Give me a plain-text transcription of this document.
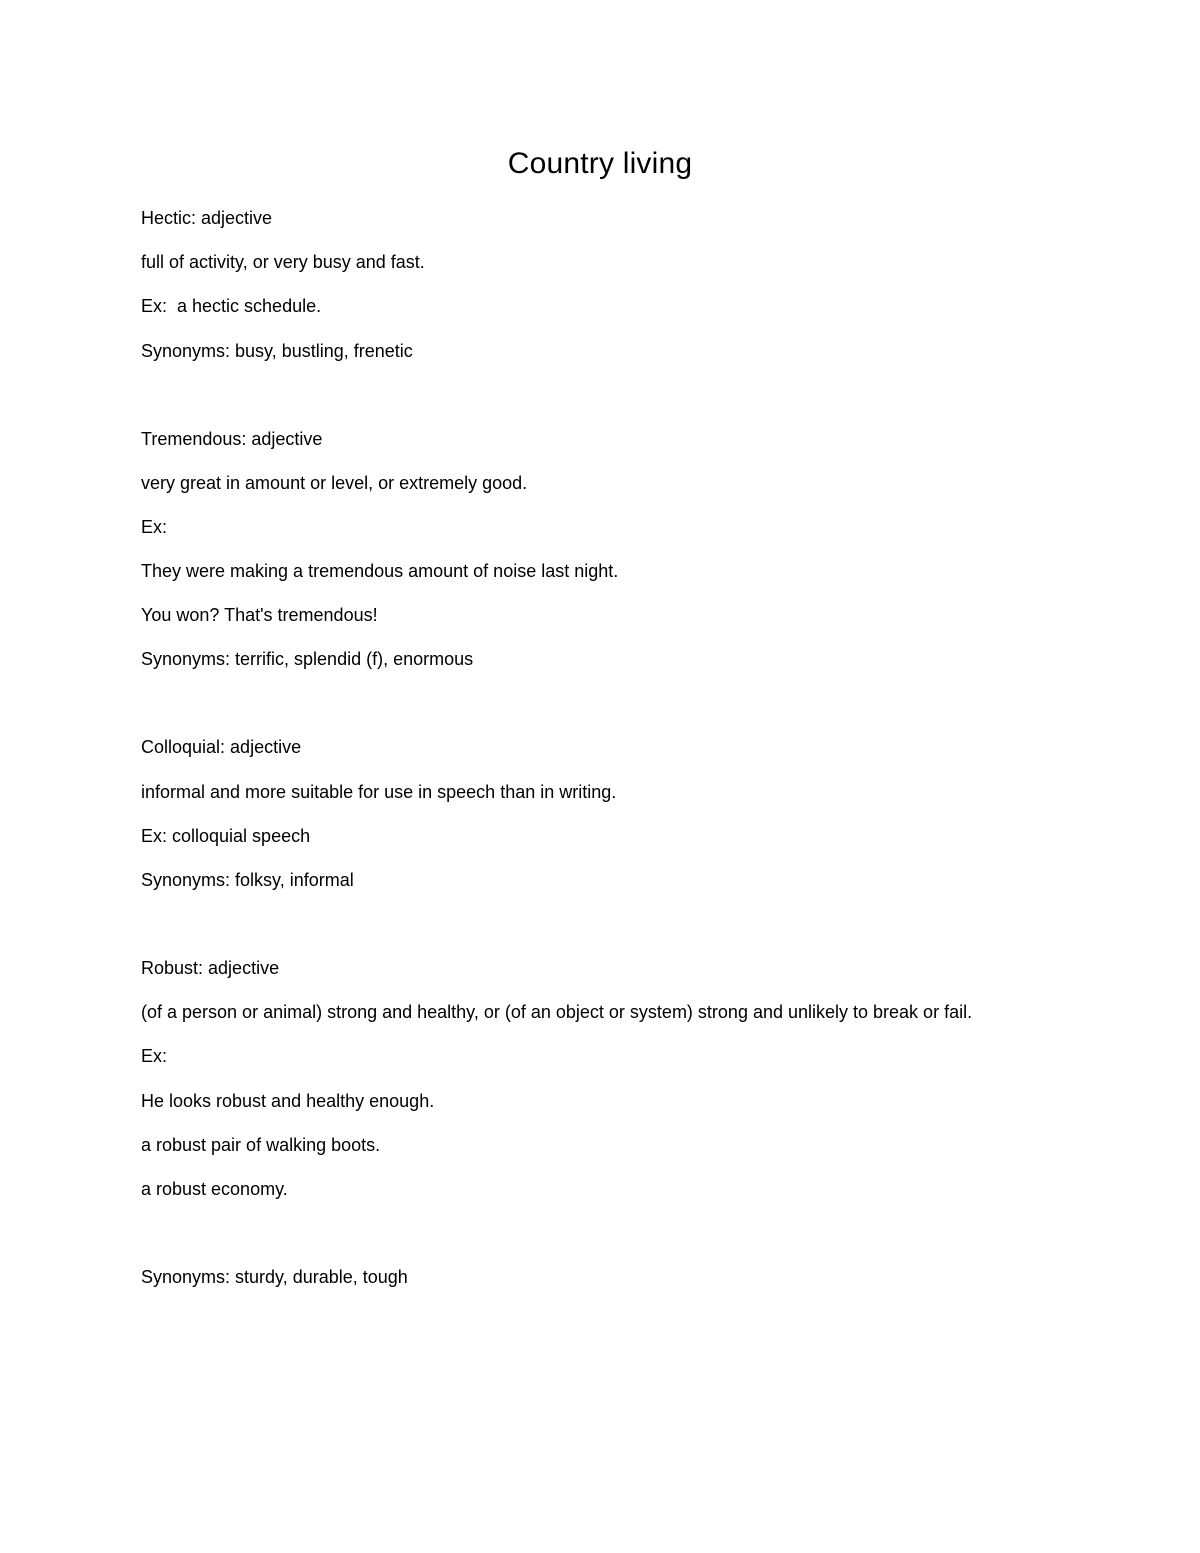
Country living
Hectic: adjective
full of activity, or very busy and fast.
Ex:  a hectic schedule.
Synonyms: busy, bustling, frenetic
Tremendous: adjective
very great in amount or level, or extremely good.
Ex:
They were making a tremendous amount of noise last night.
You won? That's tremendous!
Synonyms: terrific, splendid (f), enormous
Colloquial: adjective
informal and more suitable for use in speech than in writing.
Ex: colloquial speech
Synonyms: folksy, informal
Robust: adjective
(of a person or animal) strong and healthy, or (of an object or system) strong and unlikely to break or fail.
Ex:
He looks robust and healthy enough.
a robust pair of walking boots.
a robust economy.
Synonyms: sturdy, durable, tough
